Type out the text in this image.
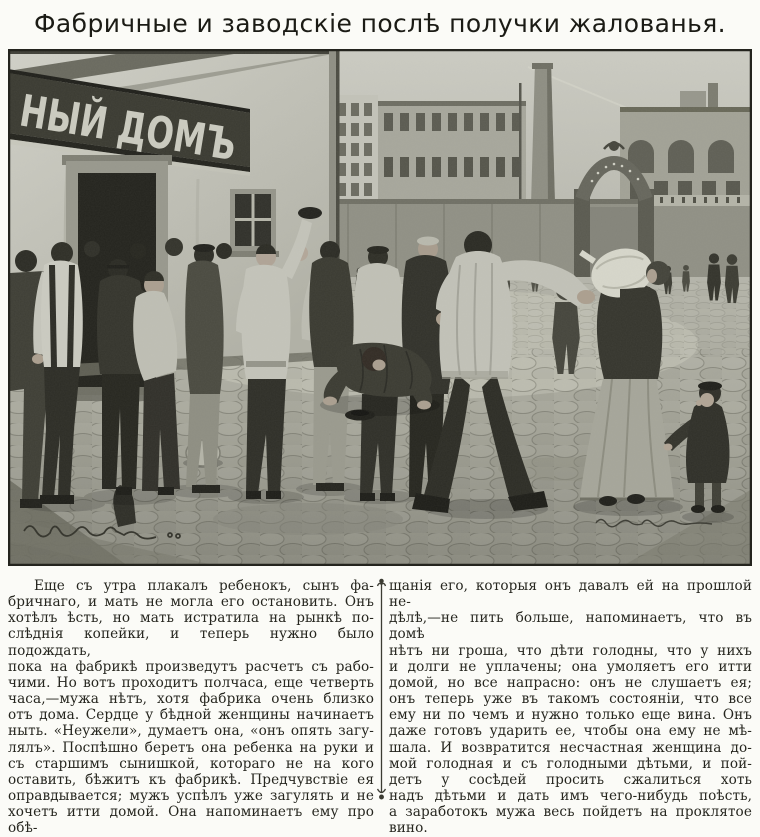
Фабричные и заводскіе послѣ получки жалованья.
НЫЙ ДОМЪ
Еще съ утра плакалъ ребенокъ, сынъ фа-
бричнаго, и мать не могла его остановить. Онъ
хотѣлъ ѣсть, но мать истратила на рынкѣ по-
слѣднія копейки, и теперь нужно было подождать,
пока на фабрикѣ произведутъ расчетъ съ рабо-
чими. Но вотъ проходитъ полчаса, еще четверть
часа,—мужа нѣтъ, хотя фабрика очень близко
отъ дома. Сердце у бѣдной женщины начинаетъ
ныть. «Неужели», думаетъ она, «онъ опять загу-
лялъ». Поспѣшно беретъ она ребенка на руки и
съ старшимъ сынишкой, котораго не на кого
оставить, бѣжитъ къ фабрикѣ. Предчувствіе ея
оправдывается; мужъ успѣлъ уже загулять и не
хочетъ итти домой. Она напоминаетъ ему про обѣ-
щанія его, которыя онъ давалъ ей на прошлой не-
дѣлѣ,—не пить больше, напоминаетъ, что въ домѣ
нѣтъ ни гроша, что дѣти голодны, что у нихъ
и долги не уплачены; она умоляетъ его итти
домой, но все напрасно: онъ не слушаетъ ея;
онъ теперь уже въ такомъ состояніи, что все
ему ни по чемъ и нужно только еще вина. Онъ
даже готовъ ударить ее, чтобы она ему не мѣ-
шала. И возвратится несчастная женщина до-
мой голодная и съ голодными дѣтьми, и пой-
детъ у сосѣдей просить сжалиться хоть
надъ дѣтьми и дать имъ чего-нибудь поѣсть,
а заработокъ мужа весь пойдетъ на проклятое
вино.
